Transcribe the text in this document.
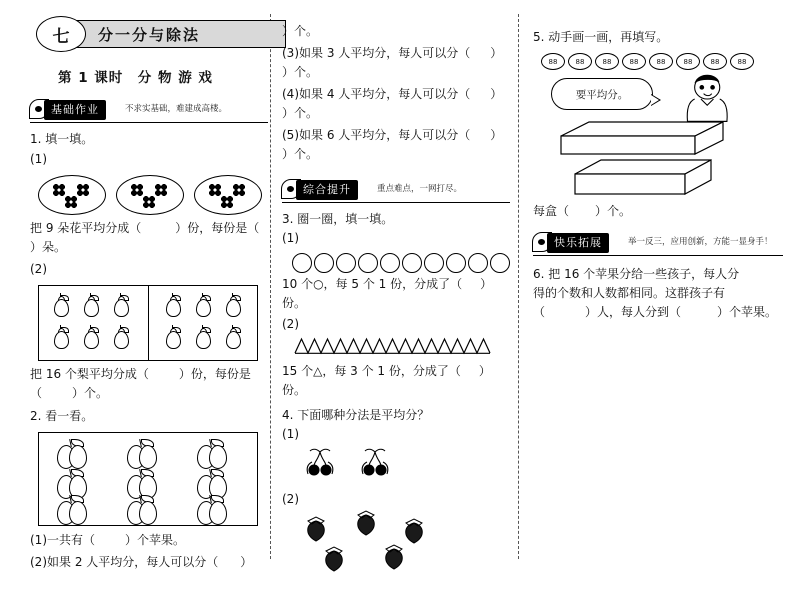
七	分一分与除法
第 1 课时　分 物 游 戏
基础作业	不求实基础，难建成高楼。
1. 填一填。
(1)
把 9 朵花平均分成（	）份，每份是（
）朵。
(2)
把 16 个梨平均分成（	）份，每份是
（	）个。
2. 看一看。
(1)一共有（	）个苹果。
(2)如果 2 人平均分，每人可以分（ ）
）个。
(3)如果 3 人平均分，每人可以分（ ）
）个。
(4)如果 4 人平均分，每人可以分（ ）
）个。
(5)如果 6 人平均分，每人可以分（ ）
）个。
综合提升	重点难点，一网打尽。
3. 圈一圈，填一填。
(1)
10 个○，每 5 个 1 份，分成了（ ）份。
(2)
15 个△，每 3 个 1 份，分成了（ ）份。
4. 下面哪种分法是平均分？
(1)
(2)
5. 动手画一画，再填写。
88	88	88	88	88	88	88	88
要平均分。
每盒（ ）个。
快乐拓展	举一反三，应用创新，方能一显身手！
6. 把 16 个苹果分给一些孩子，每人分
得的个数和人数都相同。这群孩子有
（	）人，每人分到（	）个苹果。
